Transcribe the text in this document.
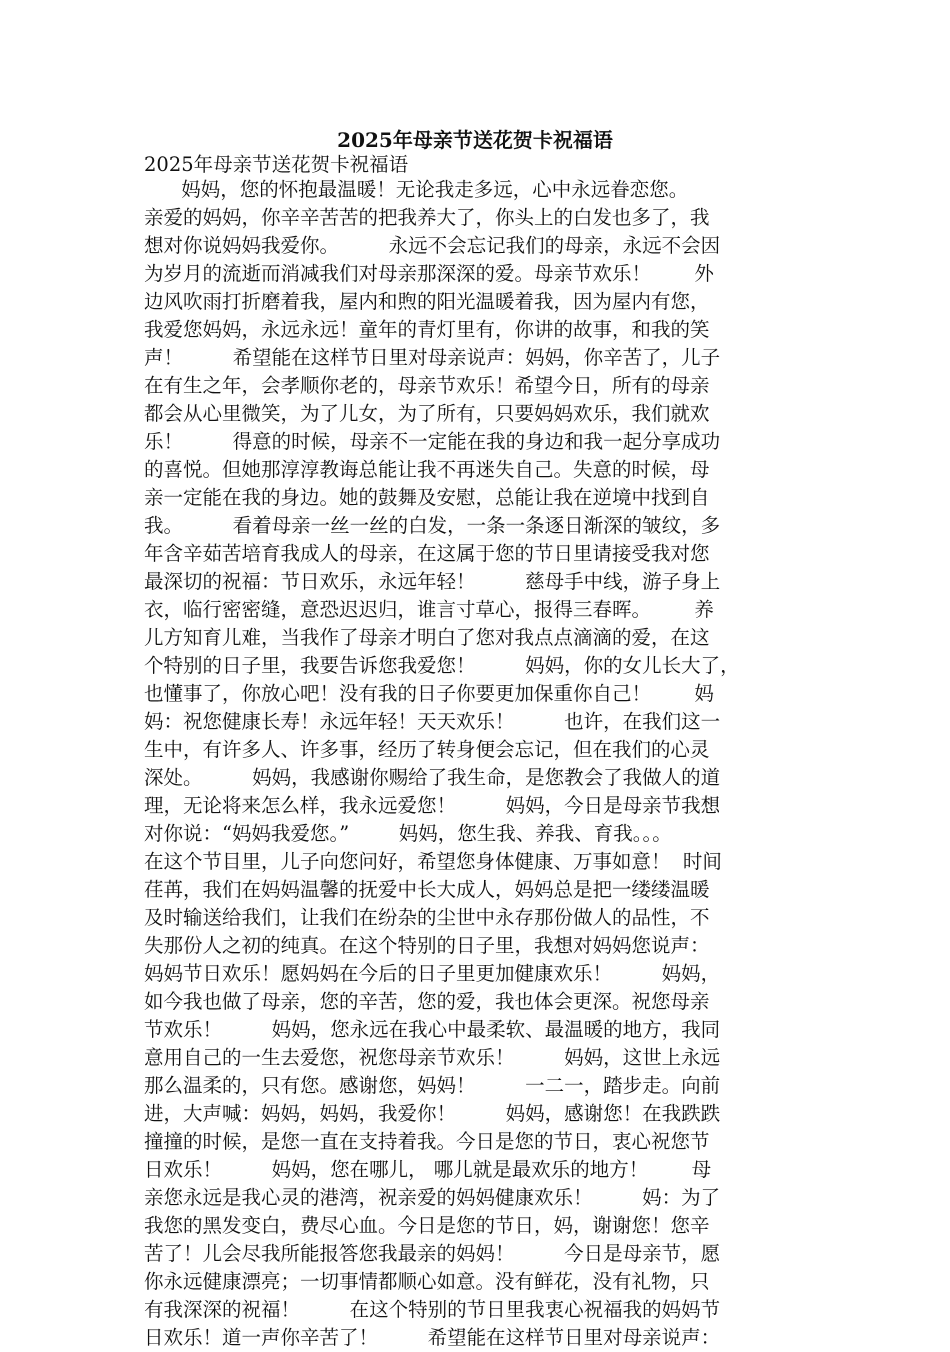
2025年母亲节送花贺卡祝福语
2025年母亲节送花贺卡祝福语
妈妈，您的怀抱最温暖！无论我走多远，心中永远眷恋您。
亲爱的妈妈，你辛辛苦苦的把我养大了，你头上的白发也多了，我
想对你说妈妈我爱你。        永远不会忘记我们的母亲，永远不会因
为岁月的流逝而消减我们对母亲那深深的爱。母亲节欢乐！       外
边风吹雨打折磨着我，屋内和煦的阳光温暖着我，因为屋内有您，
我爱您妈妈，永远永远！童年的青灯里有，你讲的故事，和我的笑
声！        希望能在这样节日里对母亲说声：妈妈，你辛苦了，儿子
在有生之年，会孝顺你老的，母亲节欢乐！希望今日，所有的母亲
都会从心里微笑，为了儿女，为了所有，只要妈妈欢乐，我们就欢
乐！        得意的时候，母亲不一定能在我的身边和我一起分享成功
的喜悦。但她那淳淳教诲总能让我不再迷失自己。失意的时候，母
亲一定能在我的身边。她的鼓舞及安慰，总能让我在逆境中找到自
我。        看着母亲一丝一丝的白发，一条一条逐日渐深的皱纹，多
年含辛茹苦培育我成人的母亲，在这属于您的节日里请接受我对您
最深切的祝福：节日欢乐，永远年轻！        慈母手中线，游子身上
衣，临行密密缝，意恐迟迟归，谁言寸草心，报得三春晖。       养
儿方知育儿难，当我作了母亲才明白了您对我点点滴滴的爱，在这
个特别的日子里，我要告诉您我爱您！        妈妈，你的女儿长大了，
也懂事了，你放心吧！没有我的日子你要更加保重你自己！       妈
妈：祝您健康长寿！永远年轻！天天欢乐！        也许，在我们这一
生中，有许多人、许多事，经历了转身便会忘记，但在我们的心灵
深处。        妈妈，我感谢你赐给了我生命，是您教会了我做人的道
理，无论将来怎么样，我永远爱您！        妈妈，今日是母亲节我想
对你说：“妈妈我爱您。”        妈妈，您生我、养我、育我。。。
在这个节目里，儿子向您问好，希望您身体健康、万事如意！  时间
荏苒，我们在妈妈温馨的抚爱中长大成人，妈妈总是把一缕缕温暖
及时输送给我们，让我们在纷杂的尘世中永存那份做人的品性，不
失那份人之初的纯真。在这个特别的日子里，我想对妈妈您说声：
妈妈节日欢乐！愿妈妈在今后的日子里更加健康欢乐！        妈妈，
如今我也做了母亲，您的辛苦，您的爱，我也体会更深。祝您母亲
节欢乐！        妈妈，您永远在我心中最柔软、最温暖的地方，我同
意用自己的一生去爱您，祝您母亲节欢乐！        妈妈，这世上永远
那么温柔的，只有您。感谢您，妈妈！        一二一，踏步走。向前
进，大声喊：妈妈，妈妈，我爱你！        妈妈，感谢您！在我跌跌
撞撞的时候，是您一直在支持着我。今日是您的节日，衷心祝您节
日欢乐！        妈妈，您在哪儿， 哪儿就是最欢乐的地方！       母
亲您永远是我心灵的港湾，祝亲爱的妈妈健康欢乐！        妈：为了
我您的黑发变白，费尽心血。今日是您的节日，妈，谢谢您！您辛
苦了！儿会尽我所能报答您我最亲的妈妈！        今日是母亲节，愿
你永远健康漂亮；一切事情都顺心如意。没有鲜花，没有礼物，只
有我深深的祝福！        在这个特别的节日里我衷心祝福我的妈妈节
日欢乐！道一声你辛苦了！        希望能在这样节日里对母亲说声：
